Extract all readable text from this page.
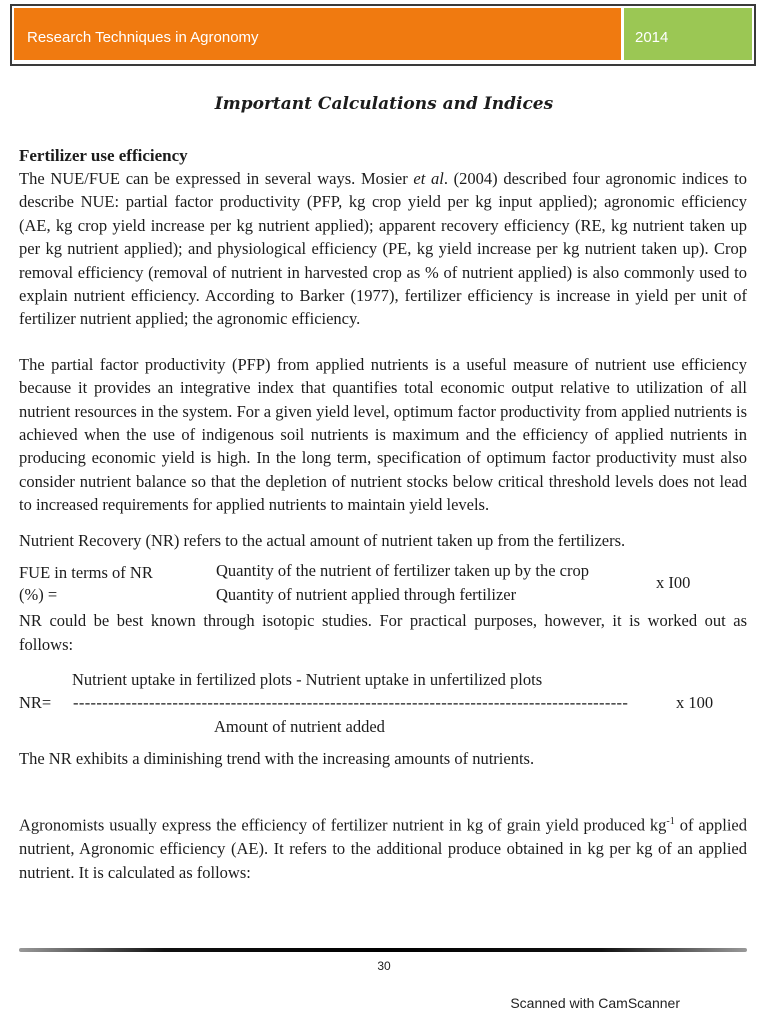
Research Techniques in Agronomy	2014
Important Calculations and Indices
Fertilizer use efficiency

The NUE/FUE can be expressed in several ways. Mosier et al. (2004) described four agronomic indices to describe NUE: partial factor productivity (PFP, kg crop yield per kg input applied); agronomic efficiency (AE, kg crop yield increase per kg nutrient applied); apparent recovery efficiency (RE, kg nutrient taken up per kg nutrient applied); and physiological efficiency (PE, kg yield increase per kg nutrient taken up). Crop removal efficiency (removal of nutrient in harvested crop as % of nutrient applied) is also commonly used to explain nutrient efficiency. According to Barker (1977), fertilizer efficiency is increase in yield per unit of fertilizer nutrient applied; the agronomic efficiency.

The partial factor productivity (PFP) from applied nutrients is a useful measure of nutrient use efficiency because it provides an integrative index that quantifies total economic output relative to utilization of all nutrient resources in the system. For a given yield level, optimum factor productivity from applied nutrients is achieved when the use of indigenous soil nutrients is maximum and the efficiency of applied nutrients in producing economic yield is high. In the long term, specification of optimum factor productivity must also consider nutrient balance so that the depletion of nutrient stocks below critical threshold levels does not lead to increased requirements for applied nutrients to maintain yield levels.

Nutrient Recovery (NR) refers to the actual amount of nutrient taken up from the fertilizers.

FUE in terms of NR
(%) =
Quantity of the nutrient of fertilizer taken up by the crop
Quantity of nutrient applied through fertilizer
x I00

NR could be best known through isotopic studies. For practical purposes, however, it is worked out as follows:

Nutrient uptake in fertilized plots - Nutrient uptake in unfertilized plots
NR= -----------------------------------------------------------------------------------------------	x 100
Amount of nutrient added

The NR exhibits a diminishing trend with the increasing amounts of nutrients.

Agronomists usually express the efficiency of fertilizer nutrient in kg of grain yield produced $kg^{-1}$ of applied nutrient, Agronomic efficiency (AE). It refers to the additional produce obtained in kg per kg of an applied nutrient. It is calculated as follows:

30
Scanned with CamScanner
